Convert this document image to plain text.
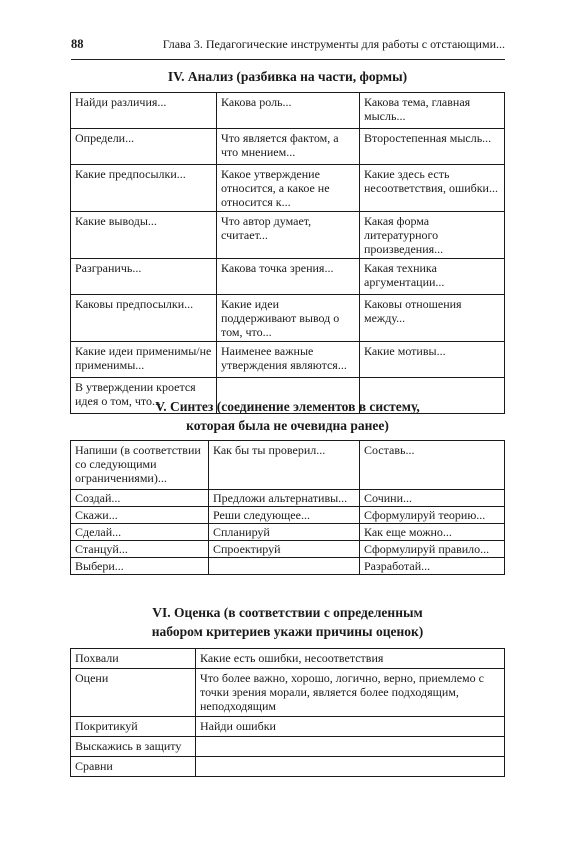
88	Глава 3. Педагогические инструменты для работы с отстающими...
IV. Анализ (разбивка на части, формы)
Найди различия...	Какова роль...	Какова тема, главная мысль...
Определи...	Что является фактом, а что мнением...	Второстепенная мысль...
Какие предпосылки...	Какое утверждение относится, а какое не относится к...	Какие здесь есть несоответствия, ошибки...
Какие выводы...	Что автор думает, считает...	Какая форма литературного произведения...
Разграничь...	Какова точка зрения...	Какая техника аргументации...
Каковы предпосылки...	Какие идеи поддерживают вывод о том, что...	Каковы отношения между...
Какие идеи применимы/не применимы...	Наименее важные утверждения являются...	Какие мотивы...
В утверждении кроется идея о том, что...		
V. Синтез (соединение элементов в систему,
которая была не очевидна ранее)
Напиши (в соответствии со следующими ограничениями)...	Как бы ты проверил...	Составь...
Создай...	Предложи альтернативы...	Сочини...
Скажи...	Реши следующее...	Сформулируй теорию...
Сделай...	Спланируй	Как еще можно...
Станцуй...	Спроектируй	Сформулируй правило...
Выбери...		Разработай...
VI. Оценка (в соответствии с определенным
набором критериев укажи причины оценок)
Похвали	Какие есть ошибки, несоответствия
Оцени	Что более важно, хорошо, логично, верно, приемлемо с точки зрения морали, является более подходящим, неподходящим
Покритикуй	Найди ошибки
Выскажись в защиту	
Сравни	
